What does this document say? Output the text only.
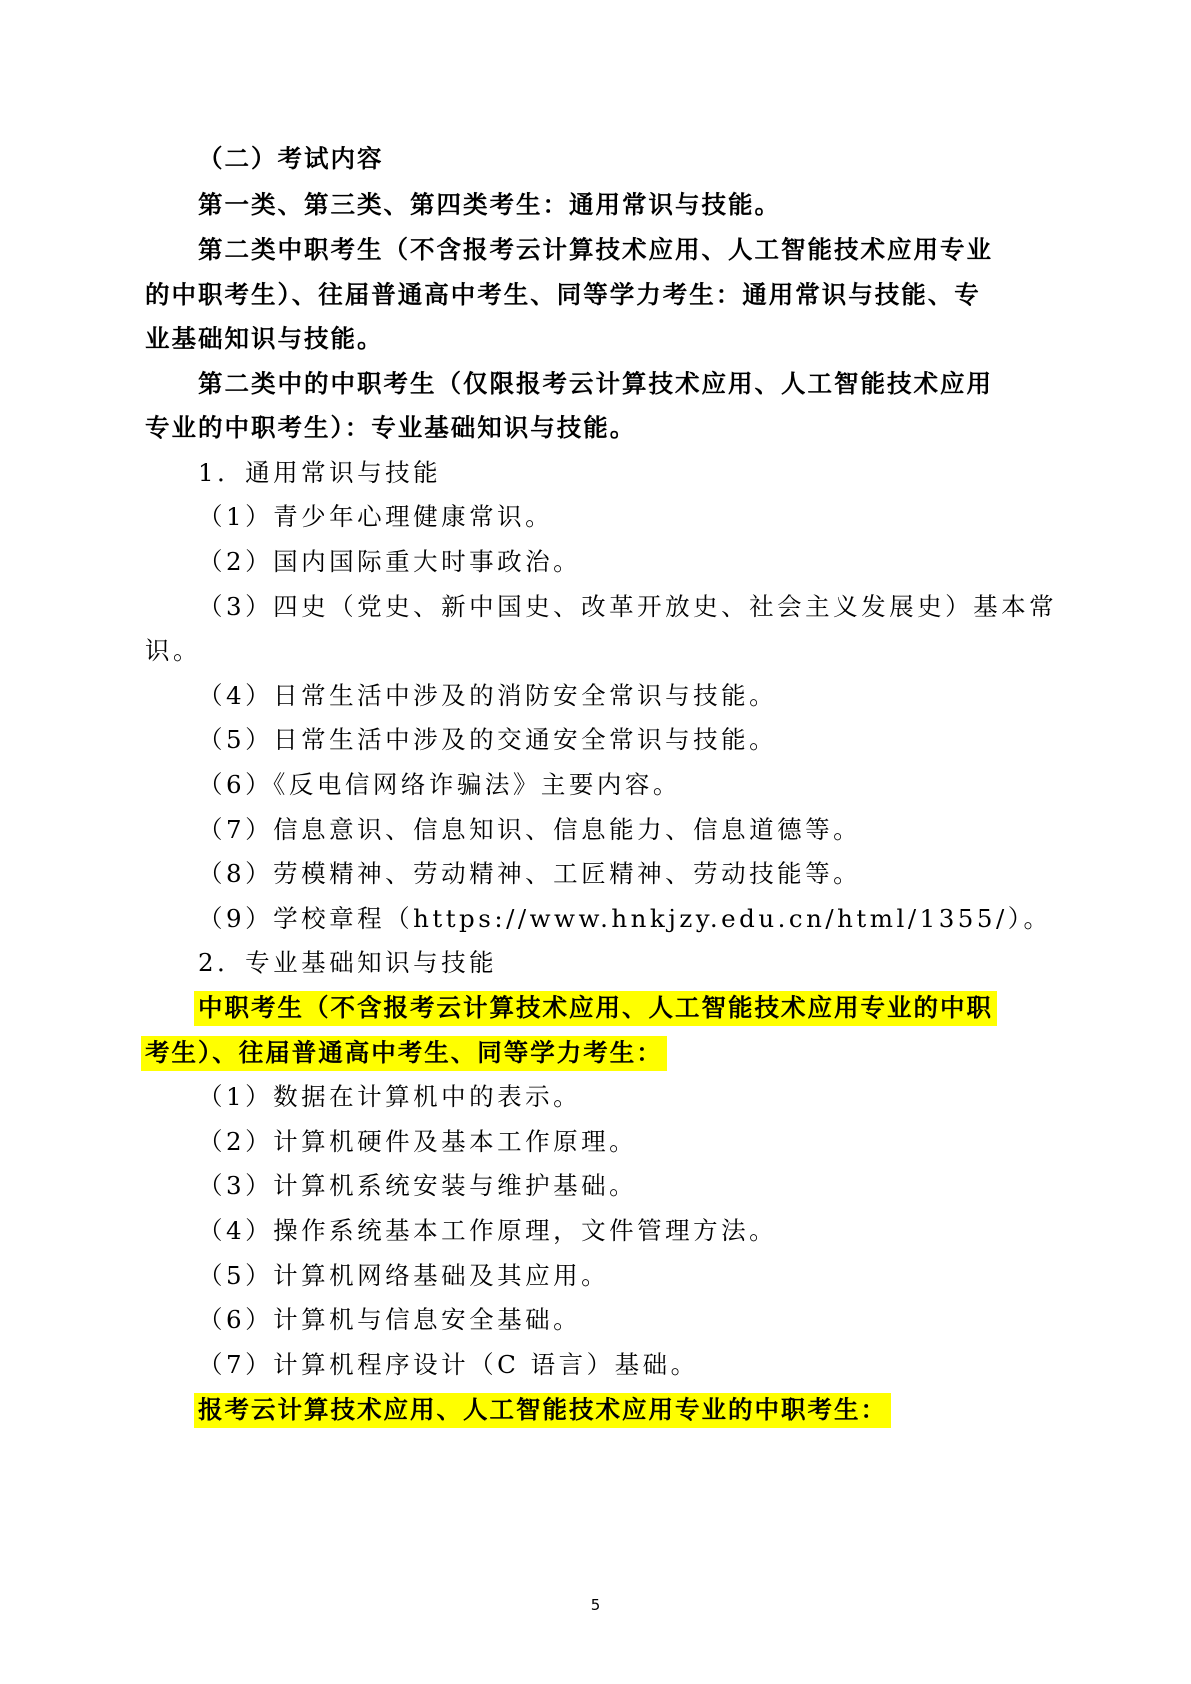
（二）考试内容
第一类、第三类、第四类考生：通用常识与技能。
第二类中职考生（不含报考云计算技术应用、人工智能技术应用专业
的中职考生）、往届普通高中考生、同等学力考生：通用常识与技能、专
业基础知识与技能。
第二类中的中职考生（仅限报考云计算技术应用、人工智能技术应用
专业的中职考生）：专业基础知识与技能。
1．通用常识与技能
（1）青少年心理健康常识。
（2）国内国际重大时事政治。
（3）四史（党史、新中国史、改革开放史、社会主义发展史）基本常
识。
（4）日常生活中涉及的消防安全常识与技能。
（5）日常生活中涉及的交通安全常识与技能。
（6）《反电信网络诈骗法》主要内容。
（7）信息意识、信息知识、信息能力、信息道德等。
（8）劳模精神、劳动精神、工匠精神、劳动技能等。
（9）学校章程（https://www.hnkjzy.edu.cn/html/1355/）。
2．专业基础知识与技能
中职考生（不含报考云计算技术应用、人工智能技术应用专业的中职
考生）、往届普通高中考生、同等学力考生：
（1）数据在计算机中的表示。
（2）计算机硬件及基本工作原理。
（3）计算机系统安装与维护基础。
（4）操作系统基本工作原理，文件管理方法。
（5）计算机网络基础及其应用。
（6）计算机与信息安全基础。
（7）计算机程序设计（C 语言）基础。
报考云计算技术应用、人工智能技术应用专业的中职考生：
5
